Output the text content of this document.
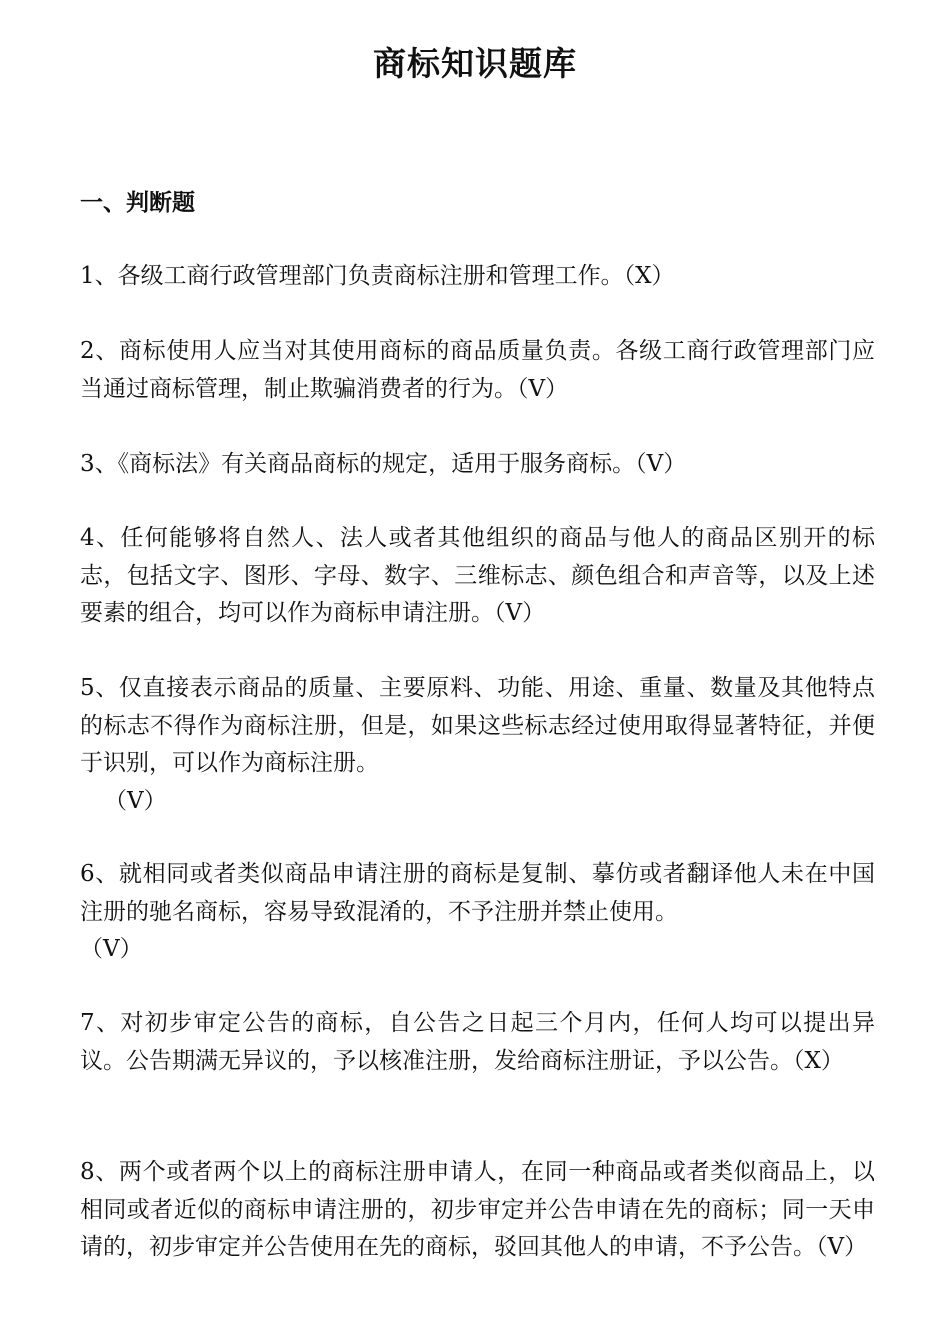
商标知识题库
一、判断题

1、各级工商行政管理部门负责商标注册和管理工作。（X）

2、商标使用人应当对其使用商标的商品质量负责。各级工商行政管理部门应当通过商标管理，制止欺骗消费者的行为。（V）

3、《商标法》有关商品商标的规定，适用于服务商标。（V）

4、任何能够将自然人、法人或者其他组织的商品与他人的商品区别开的标志，包括文字、图形、字母、数字、三维标志、颜色组合和声音等，以及上述要素的组合，均可以作为商标申请注册。（V）

5、仅直接表示商品的质量、主要原料、功能、用途、重量、数量及其他特点的标志不得作为商标注册，但是，如果这些标志经过使用取得显著特征，并便于识别，可以作为商标注册。
（V）

6、就相同或者类似商品申请注册的商标是复制、摹仿或者翻译他人未在中国注册的驰名商标，容易导致混淆的，不予注册并禁止使用。
（V）

7、对初步审定公告的商标，自公告之日起三个月内，任何人均可以提出异议。公告期满无异议的，予以核准注册，发给商标注册证，予以公告。（X）

8、两个或者两个以上的商标注册申请人，在同一种商品或者类似商品上，以相同或者近似的商标申请注册的，初步审定并公告申请在先的商标；同一天申请的，初步审定并公告使用在先的商标，驳回其他人的申请，不予公告。（V）
